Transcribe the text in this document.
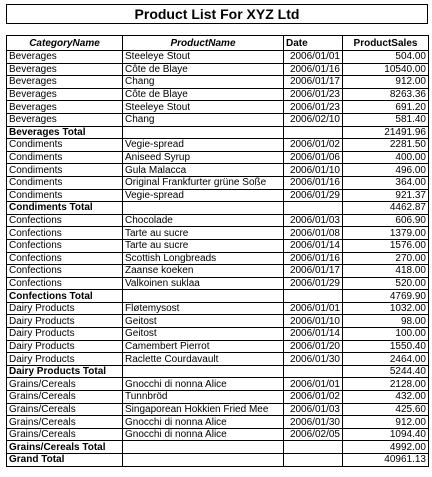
Product List For XYZ Ltd
CategoryName	ProductName	Date	ProductSales
Beverages	Steeleye Stout	2006/01/01	504.00
Beverages	Côte de Blaye	2006/01/16	10540.00
Beverages	Chang	2006/01/17	912.00
Beverages	Côte de Blaye	2006/01/23	8263.36
Beverages	Steeleye Stout	2006/01/23	691.20
Beverages	Chang	2006/02/10	581.40
Beverages Total			21491.96
Condiments	Vegie-spread	2006/01/02	2281.50
Condiments	Aniseed Syrup	2006/01/06	400.00
Condiments	Gula Malacca	2006/01/10	496.00
Condiments	Original Frankfurter grüne Soße	2006/01/16	364.00
Condiments	Vegie-spread	2006/01/29	921.37
Condiments Total			4462.87
Confections	Chocolade	2006/01/03	606.90
Confections	Tarte au sucre	2006/01/08	1379.00
Confections	Tarte au sucre	2006/01/14	1576.00
Confections	Scottish Longbreads	2006/01/16	270.00
Confections	Zaanse koeken	2006/01/17	418.00
Confections	Valkoinen suklaa	2006/01/29	520.00
Confections Total			4769.90
Dairy Products	Fløtemysost	2006/01/01	1032.00
Dairy Products	Geitost	2006/01/10	98.00
Dairy Products	Geitost	2006/01/14	100.00
Dairy Products	Camembert Pierrot	2006/01/20	1550.40
Dairy Products	Raclette Courdavault	2006/01/30	2464.00
Dairy Products Total			5244.40
Grains/Cereals	Gnocchi di nonna Alice	2006/01/01	2128.00
Grains/Cereals	Tunnbröd	2006/01/02	432.00
Grains/Cereals	Singaporean Hokkien Fried Mee	2006/01/03	425.60
Grains/Cereals	Gnocchi di nonna Alice	2006/01/30	912.00
Grains/Cereals	Gnocchi di nonna Alice	2006/02/05	1094.40
Grains/Cereals Total			4992.00
Grand Total			40961.13
